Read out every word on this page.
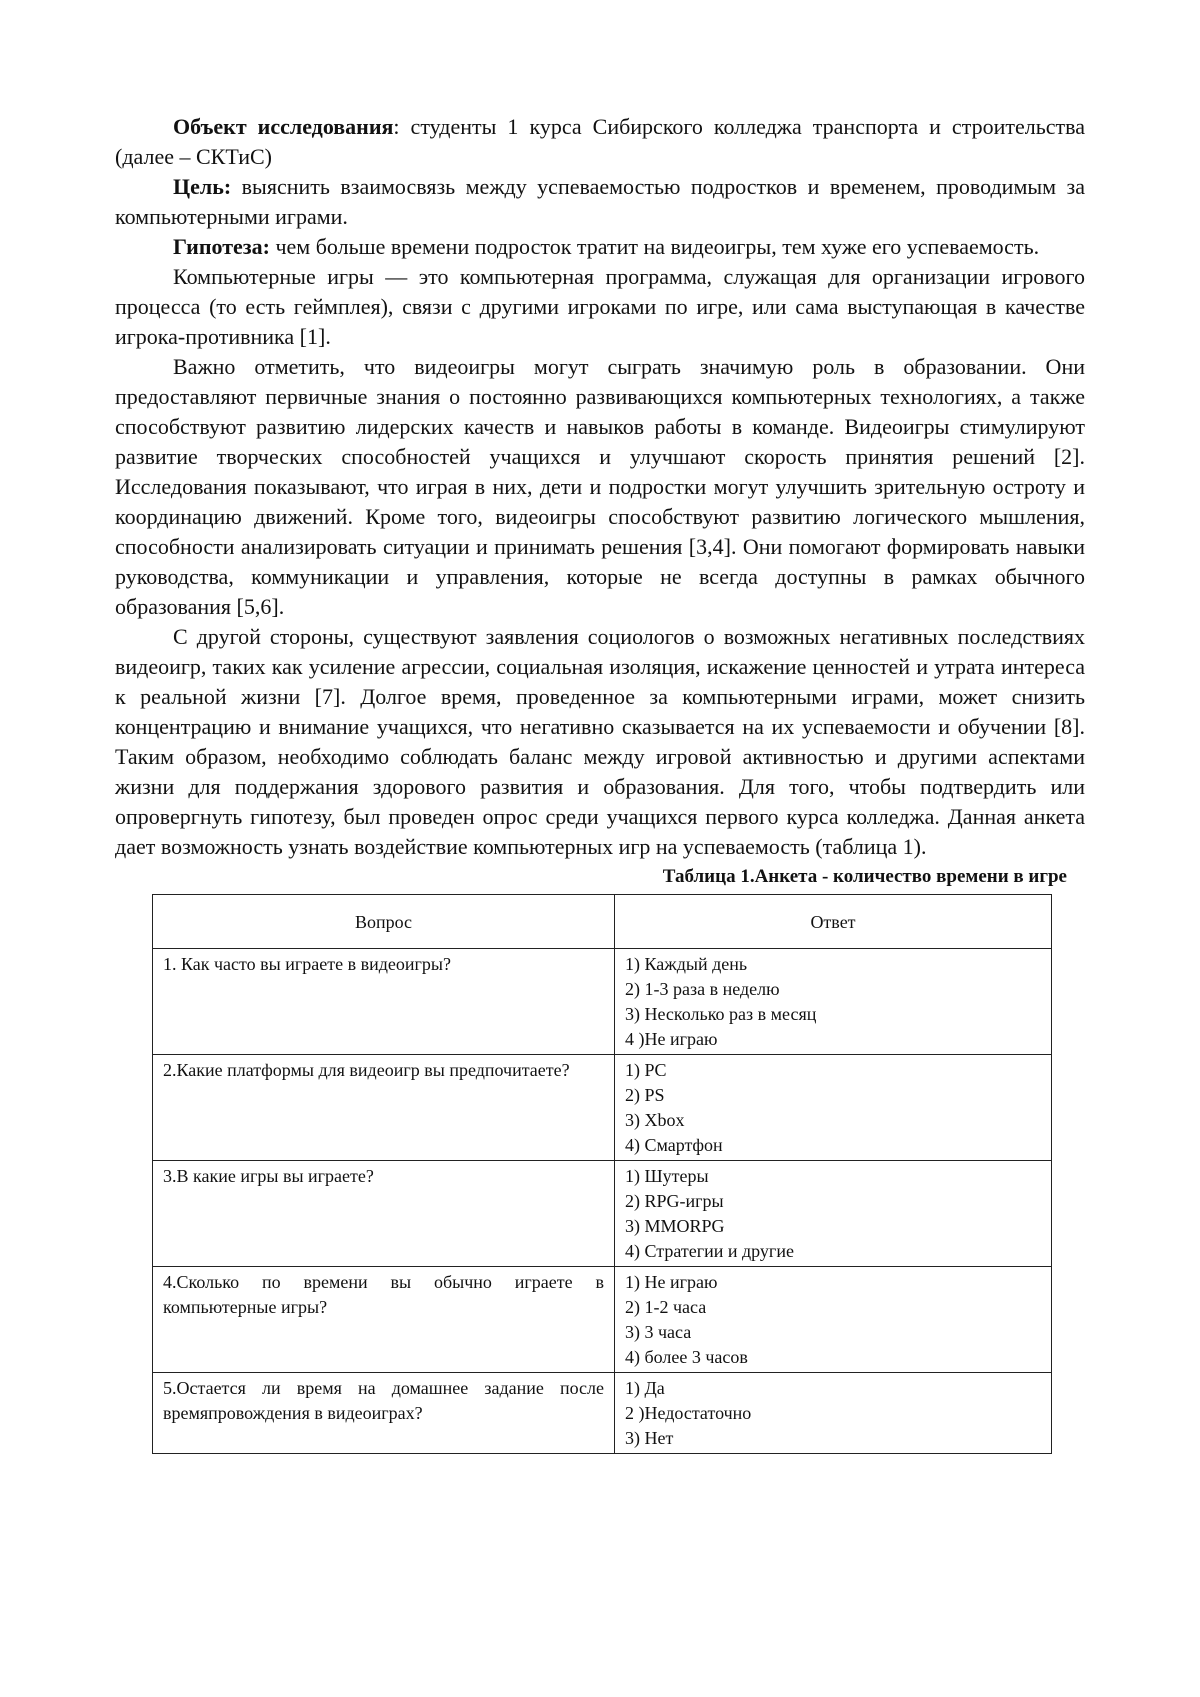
Объект исследования: студенты 1 курса Сибирского колледжа транспорта и строительства (далее – СКТиС)

Цель: выяснить взаимосвязь между успеваемостью подростков и временем, проводимым за компьютерными играми.

Гипотеза: чем больше времени подросток тратит на видеоигры, тем хуже его успеваемость.

Компьютерные игры — это компьютерная программа, служащая для организации игрового процесса (то есть геймплея), связи с другими игроками по игре, или сама выступающая в качестве игрока-противника [1].

Важно отметить, что видеоигры могут сыграть значимую роль в образовании. Они предоставляют первичные знания о постоянно развивающихся компьютерных технологиях, а также способствуют развитию лидерских качеств и навыков работы в команде. Видеоигры стимулируют развитие творческих способностей учащихся и улучшают скорость принятия решений [2]. Исследования показывают, что играя в них, дети и подростки могут улучшить зрительную остроту и координацию движений. Кроме того, видеоигры способствуют развитию логического мышления, способности анализировать ситуации и принимать решения [3,4]. Они помогают формировать навыки руководства, коммуникации и управления, которые не всегда доступны в рамках обычного образования [5,6].

С другой стороны, существуют заявления социологов о возможных негативных последствиях видеоигр, таких как усиление агрессии, социальная изоляция, искажение ценностей и утрата интереса к реальной жизни [7]. Долгое время, проведенное за компьютерными играми, может снизить концентрацию и внимание учащихся, что негативно сказывается на их успеваемости и обучении [8]. Таким образом, необходимо соблюдать баланс между игровой активностью и другими аспектами жизни для поддержания здорового развития и образования. Для того, чтобы подтвердить или опровергнуть гипотезу, был проведен опрос среди учащихся первого курса колледжа. Данная анкета дает возможность узнать воздействие компьютерных игр на успеваемость (таблица 1).

Таблица 1.Анкета - количество времени в игре

Вопрос	Ответ
1. Как часто вы играете в видеоигры?	1) Каждый день
2) 1-3 раза в неделю
3) Несколько раз в месяц
4 )Не играю

2.Какие платформы для видеоигр вы предпочитаете?	1) PC
2) PS
3) Xbox
4) Смартфон

3.В какие игры вы играете?	1) Шутеры
2) RPG-игры
3) MMORPG
4) Стратегии и другие

4.Сколько по времени вы обычно играете в компьютерные игры?	1) Не играю
2) 1-2 часа
3) 3 часа
4) более 3 часов

5.Остается ли время на домашнее задание после времяпровождения в видеоиграх?	1) Да
2 )Недостаточно
3) Нет
